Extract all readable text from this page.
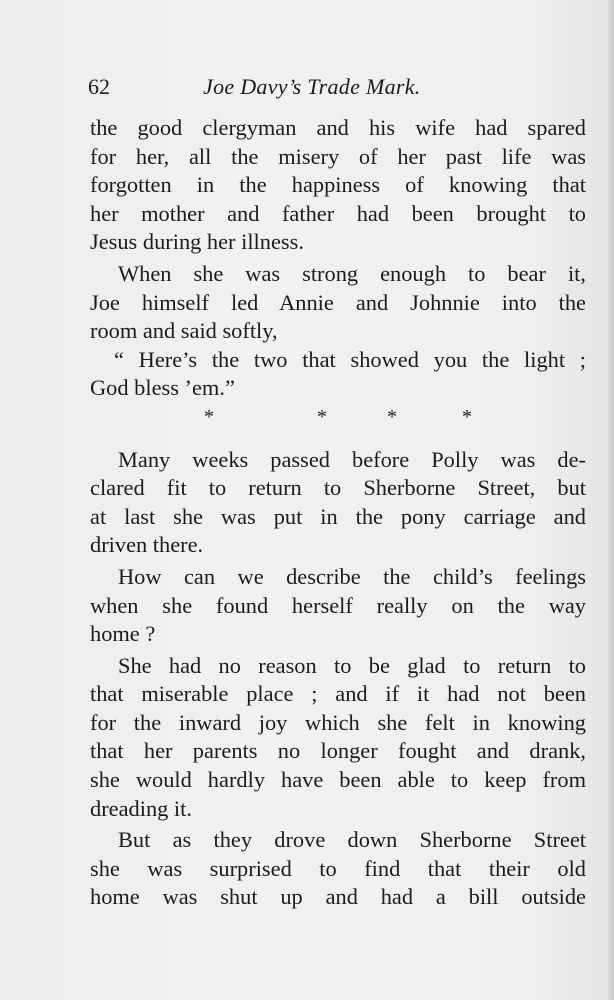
62	Joe Davy’s Trade Mark.
the good clergyman and his wife had spared
for her, all the misery of her past life was
forgotten in the happiness of knowing that
her mother and father had been brought to
Jesus during her illness.
When she was strong enough to bear it,
Joe himself led Annie and Johnnie into the
room and said softly,
“ Here’s the two that showed you the light ;
God bless ’em.”
*	*	*	*
Many weeks passed before Polly was de-
clared fit to return to Sherborne Street, but
at last she was put in the pony carriage and
driven there.
How can we describe the child’s feelings
when she found herself really on the way
home ?
She had no reason to be glad to return to
that miserable place ; and if it had not been
for the inward joy which she felt in knowing
that her parents no longer fought and drank,
she would hardly have been able to keep from
dreading it.
But as they drove down Sherborne Street
she was surprised to find that their old
home was shut up and had a bill outside
